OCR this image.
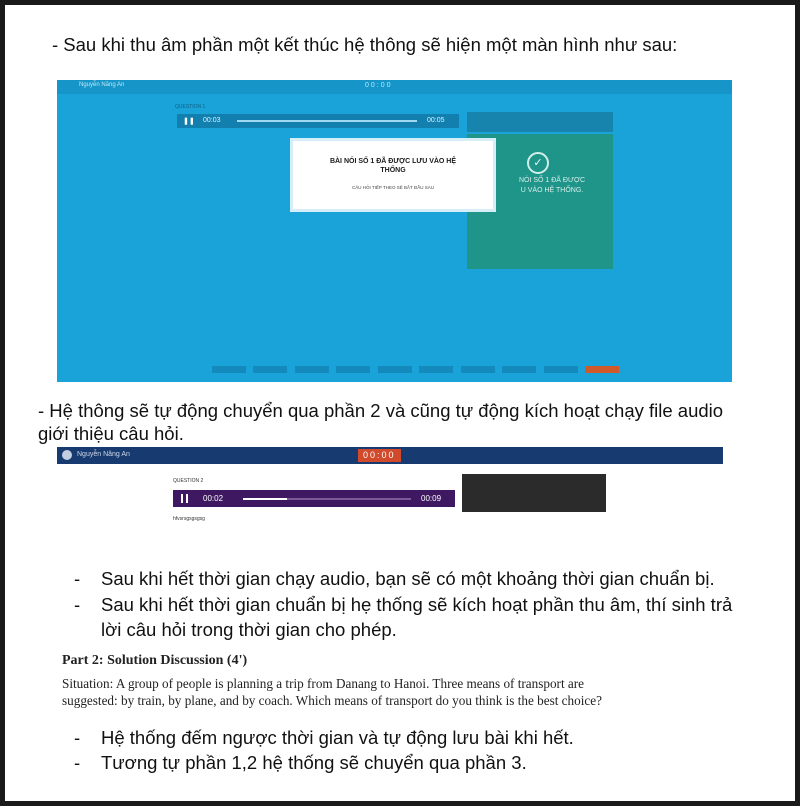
- Sau khi thu âm phần một kết thúc hệ thông sẽ hiện một màn hình như sau:
Nguyễn Năng An	00:00
QUESTION 1
❚❚ 00:03	00:05
✓
NÓI SỐ 1 ĐÃ ĐƯỢC
U VÀO HỆ THỐNG.
BÀI NÓI SỐ 1 ĐÃ ĐƯỢC LƯU VÀO HỆ
THỐNG
CÂU HỎI TIẾP THEO SẼ BẮT ĐẦU SAU

- Hệ thông sẽ tự động chuyển qua phần 2 và cũng tự động kích hoạt chạy file audio
giới thiệu câu hỏi.
Nguyễn Năng An	00:00
QUESTION 2
00:02	00:09
hfvsrsgsgsgsg
- Sau khi hết thời gian chạy audio, bạn sẽ có một khoảng thời gian chuẩn bị.
- Sau khi hết thời gian chuẩn bị hẹ thống sẽ kích hoạt phần thu âm, thí sinh trả
lời câu hỏi trong thời gian cho phép.
Part 2: Solution Discussion (4')
Situation: A group of people is planning a trip from Danang to Hanoi. Three means of transport are
suggested: by train, by plane, and by coach. Which means of transport do you think is the best choice?
- Hệ thống đếm ngược thời gian và tự động lưu bài khi hết.
- Tương tự phần 1,2 hệ thống sẽ chuyển qua phần 3.
